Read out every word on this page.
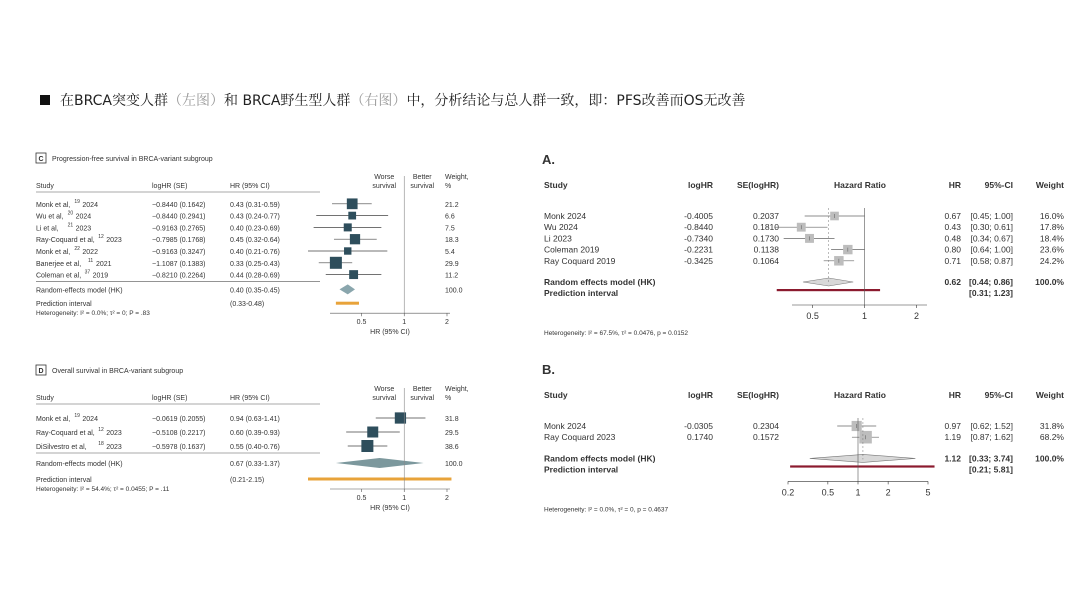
在BRCA突变人群 （左图） 和 BRCA野生型人群 （右图） 中，分析结论与总人群一致，即：PFS改善而OS无改善
C Progression-free survival in BRCA-variant subgroup
Study	logHR (SE)	HR (95% CI)
Worse
survival
Better
survival
Weight,
%
Monk et al, 19 2024	−0.8440 (0.1642)	0.43 (0.31-0.59)	21.2
Wu et al, 20 2024	−0.8440 (0.2941)	0.43 (0.24-0.77)	6.6
Li et al, 21 2023	−0.9163 (0.2765)	0.40 (0.23-0.69)	7.5
Ray-Coquard et al, 12 2023	−0.7985 (0.1768)	0.45 (0.32-0.64)	18.3
Monk et al, 22 2022	−0.9163 (0.3247)	0.40 (0.21-0.76)	5.4
Banerjee et al, 11 2021	−1.1087 (0.1383)	0.33 (0.25-0.43)	29.9
Coleman et al, 37 2019	−0.8210 (0.2264)	0.44 (0.28-0.69)	11.2
Random-effects model (HK)	0.40 (0.35-0.45)	100.0
Prediction interval	(0.33-0.48)
0.5	1	2
HR (95% CI)
Heterogeneity: I² = 0.0%; τ² = 0; P = .83
D Overall survival in BRCA-variant subgroup
Study	logHR (SE)	HR (95% CI)
Worse
survival
Better
survival
Weight,
%
Monk et al, 19 2024	−0.0619 (0.2055)	0.94 (0.63-1.41)	31.8
Ray-Coquard et al, 12 2023	−0.5108 (0.2217)	0.60 (0.39-0.93)	29.5
DiSilvestro et al, 18 2023	−0.5978 (0.1637)	0.55 (0.40-0.76)	38.6
Random-effects model (HK)	0.67 (0.33-1.37)	100.0
Prediction interval	(0.21-2.15)
0.5	1	2
HR (95% CI)
Heterogeneity: I² = 54.4%; τ² = 0.0455; P = .11
A.
Study	logHR	SE(logHR)	Hazard Ratio	HR	95%-CI	Weight
Monk 2024	-0.4005	0.2037	0.67 [0.45; 1.00]	16.0%
Wu 2024	-0.8440	0.1810	0.43 [0.30; 0.61]	17.8%
Li 2023	-0.7340	0.1730	0.48 [0.34; 0.67]	18.4%
Coleman 2019	-0.2231	0.1138	0.80 [0.64; 1.00]	23.6%
Ray Coquard 2019	-0.3425	0.1064	0.71 [0.58; 0.87]	24.2%
Random effects model (HK)	0.62 [0.44; 0.86]	100.0%
Prediction interval	[0.31; 1.23]
0.5	1	2
Heterogeneity: I² = 67.5%, τ² = 0.0476, p = 0.0152
B.
Study	logHR	SE(logHR)	Hazard Ratio	HR	95%-CI	Weight
Monk 2024	-0.0305	0.2304	0.97 [0.62; 1.52]	31.8%
Ray Coquard 2023	0.1740	0.1572	1.19 [0.87; 1.62]	68.2%
Random effects model (HK)	1.12 [0.33; 3.74]	100.0%
Prediction interval	[0.21; 5.81]
0.2	0.5 1	2	5
Heterogeneity: I² = 0.0%, τ² = 0, p = 0.4637
